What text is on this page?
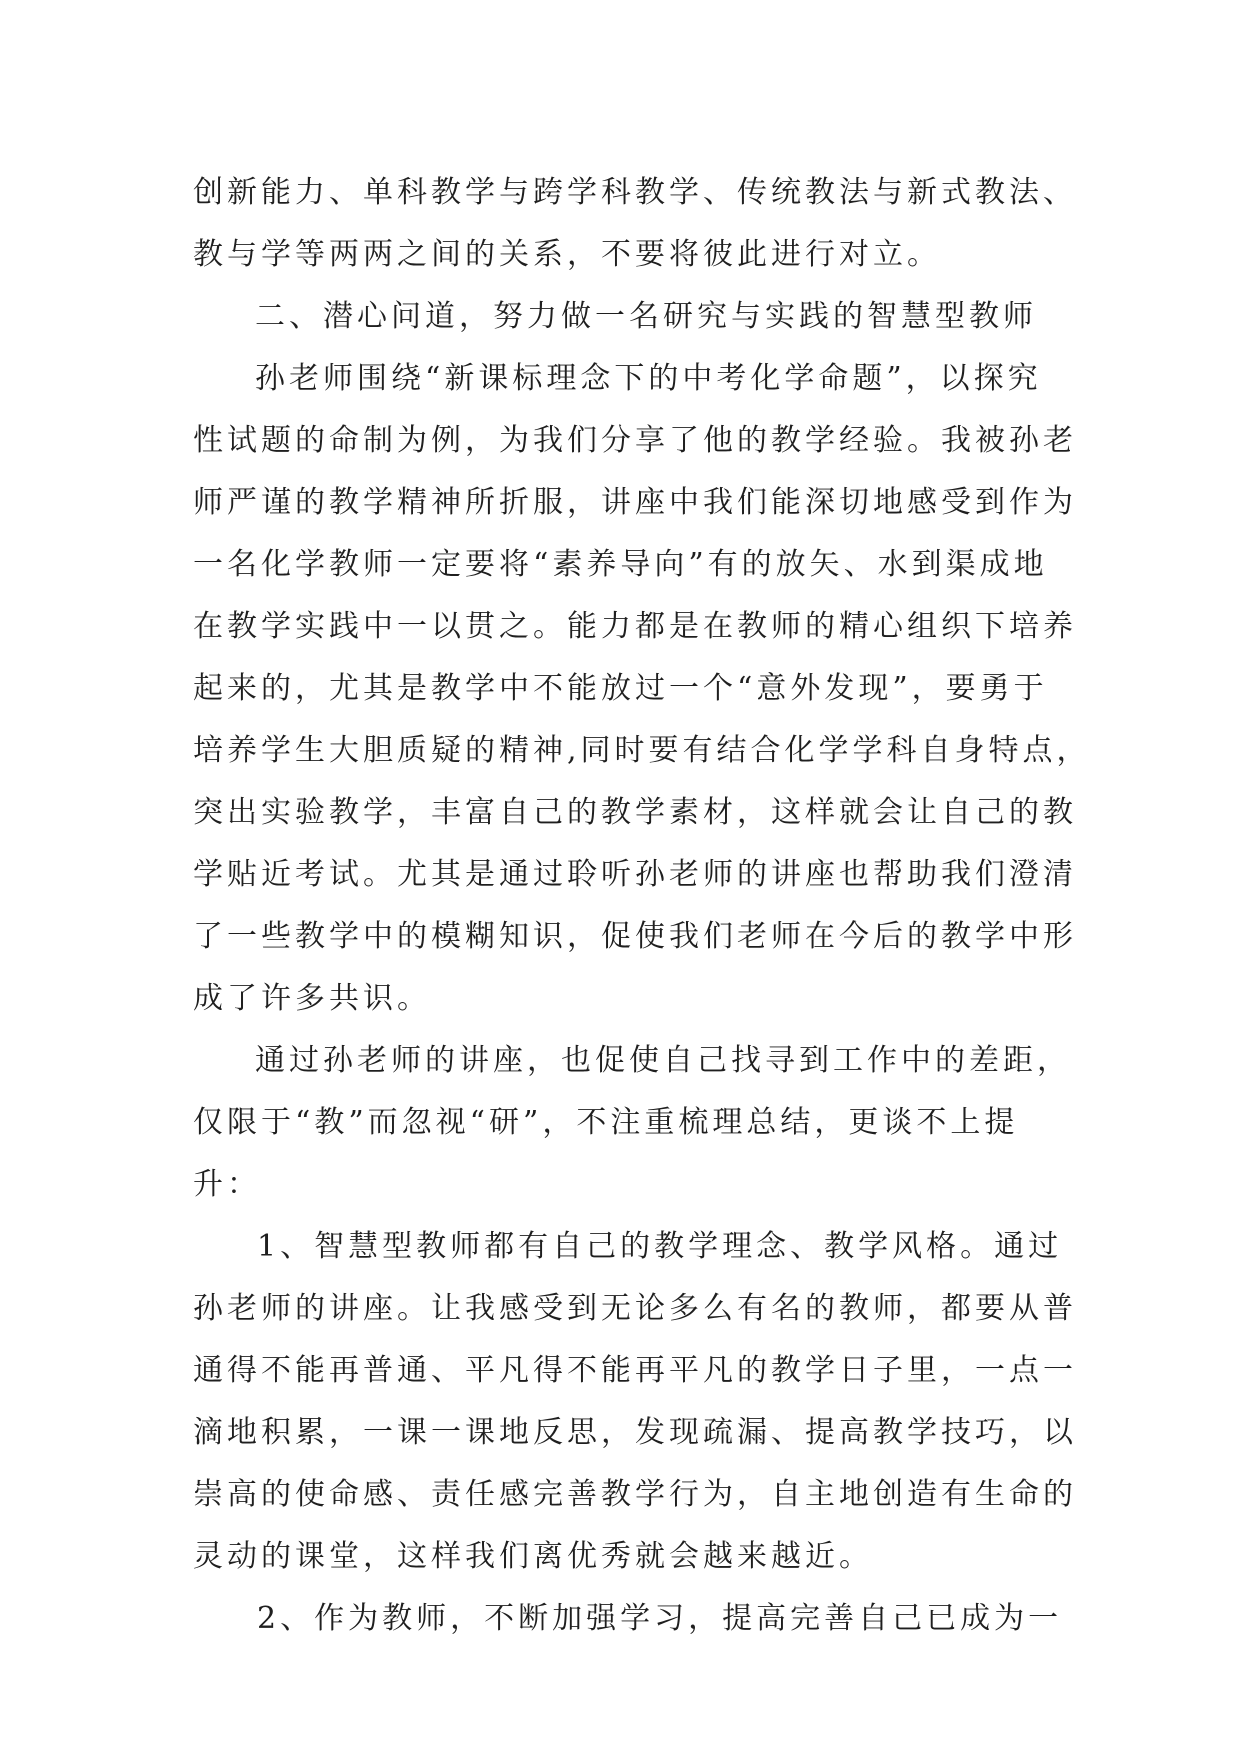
创新能力、单科教学与跨学科教学、传统教法与新式教法、
教与学等两两之间的关系，不要将彼此进行对立。
二、潜心问道，努力做一名研究与实践的智慧型教师
孙老师围绕“新课标理念下的中考化学命题”，以探究
性试题的命制为例，为我们分享了他的教学经验。我被孙老
师严谨的教学精神所折服，讲座中我们能深切地感受到作为
一名化学教师一定要将“素养导向”有的放矢、水到渠成地
在教学实践中一以贯之。能力都是在教师的精心组织下培养
起来的，尤其是教学中不能放过一个“意外发现”，要勇于
培养学生大胆质疑的精神,同时要有结合化学学科自身特点，
突出实验教学，丰富自己的教学素材，这样就会让自己的教
学贴近考试。尤其是通过聆听孙老师的讲座也帮助我们澄清
了一些教学中的模糊知识，促使我们老师在今后的教学中形
成了许多共识。
通过孙老师的讲座，也促使自己找寻到工作中的差距，
仅限于“教”而忽视“研”，不注重梳理总结，更谈不上提
升：
1、智慧型教师都有自己的教学理念、教学风格。通过
孙老师的讲座。让我感受到无论多么有名的教师，都要从普
通得不能再普通、平凡得不能再平凡的教学日子里，一点一
滴地积累，一课一课地反思，发现疏漏、提高教学技巧，以
崇高的使命感、责任感完善教学行为，自主地创造有生命的
灵动的课堂，这样我们离优秀就会越来越近。
2、作为教师，不断加强学习，提高完善自己已成为一
